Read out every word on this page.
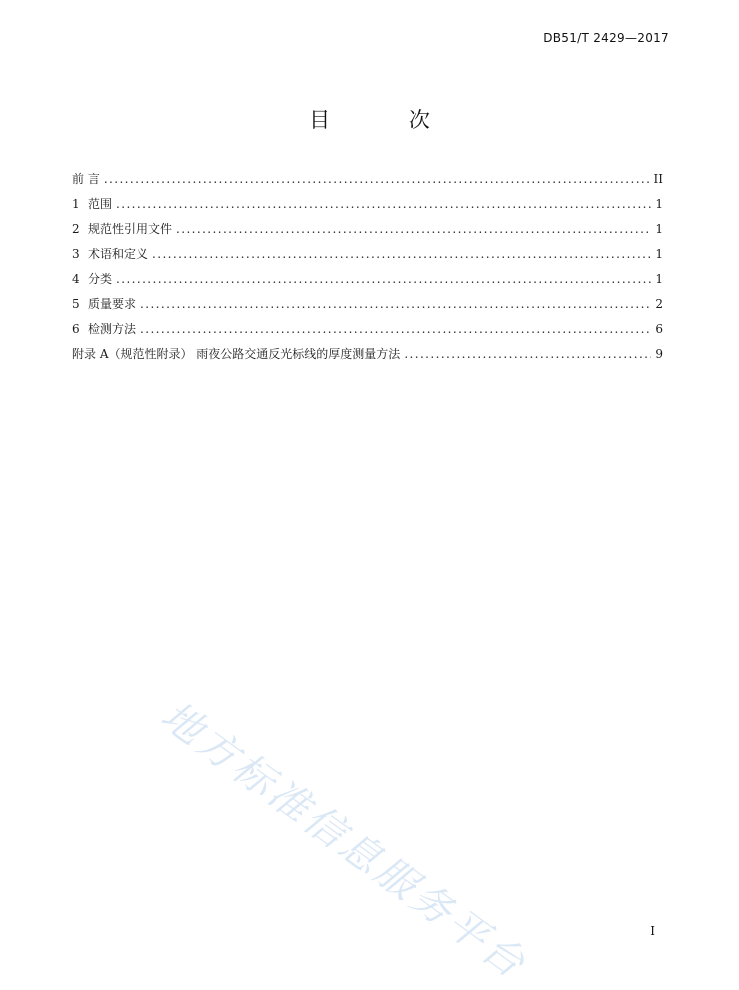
DB51/T 2429—2017
目 次
前 言 .....	II
1 范围 .....	1
2 规范性引用文件 .....	1
3 术语和定义 .....	1
4 分类 .....	1
5 质量要求 .....	2
6 检测方法 .....	6
附录 A（规范性附录） 雨夜公路交通反光标线的厚度测量方法 .....	9
地方标准信息服务平台	I
